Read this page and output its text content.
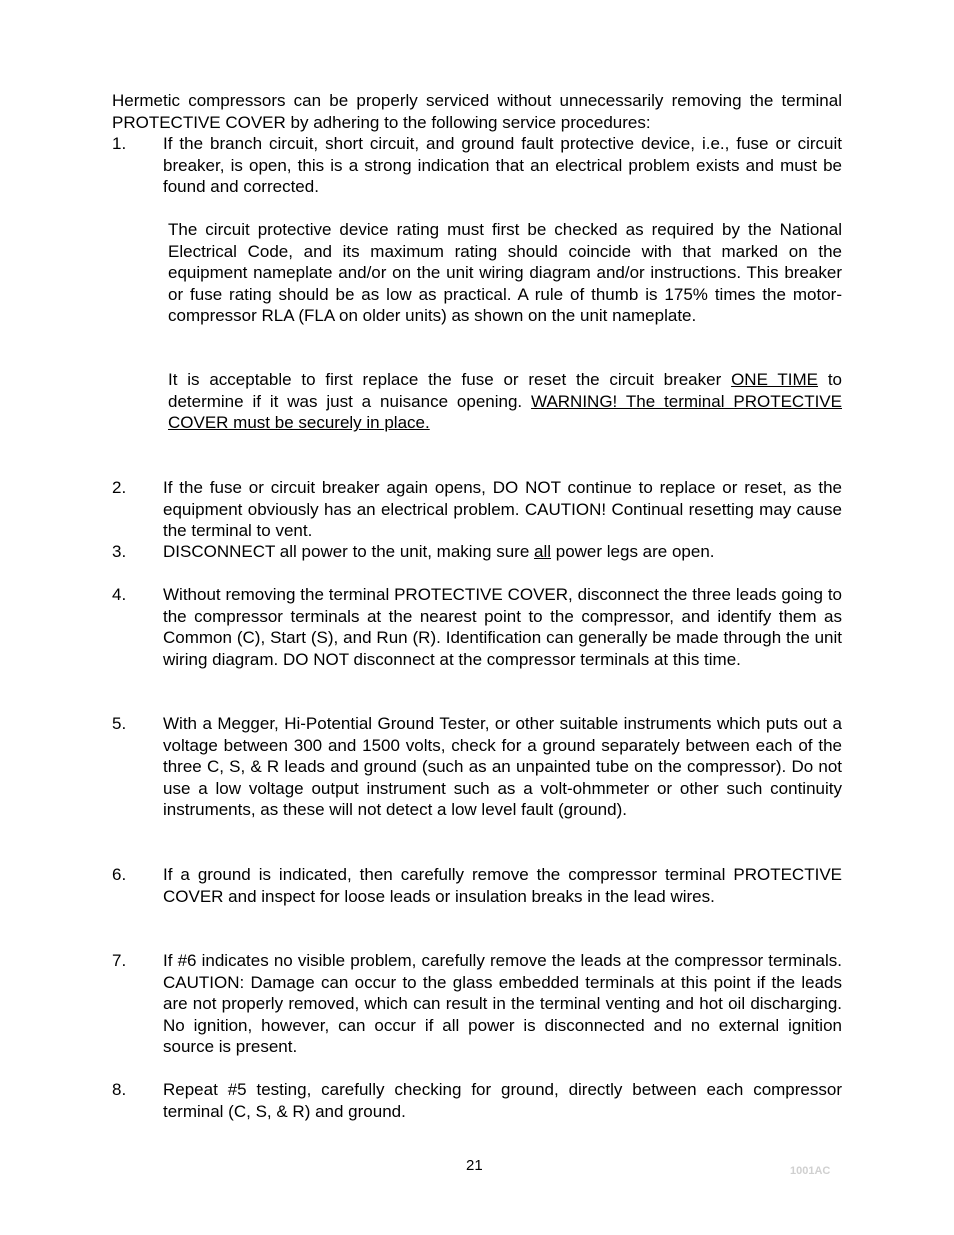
Hermetic compressors can be properly serviced without unnecessarily removing the terminal PROTECTIVE COVER by adhering to the following service procedures:
1. If the branch circuit, short circuit, and ground fault protective device, i.e., fuse or circuit breaker, is open, this is a strong indication that an electrical problem exists and must be found and corrected.
The circuit protective device rating must first be checked as required by the National Electrical Code, and its maximum rating should coincide with that marked on the equipment nameplate and/or on the unit wiring diagram and/or instructions. This breaker or fuse rating should be as low as practical. A rule of thumb is 175% times the motor-compressor RLA (FLA on older units) as shown on the unit nameplate.
It is acceptable to first replace the fuse or reset the circuit breaker ONE TIME to determine if it was just a nuisance opening. WARNING! The terminal PROTECTIVE COVER must be securely in place.
2. If the fuse or circuit breaker again opens, DO NOT continue to replace or reset, as the equipment obviously has an electrical problem. CAUTION! Continual resetting may cause the terminal to vent.
3. DISCONNECT all power to the unit, making sure all power legs are open.
4. Without removing the terminal PROTECTIVE COVER, disconnect the three leads going to the compressor terminals at the nearest point to the compressor, and identify them as Common (C), Start (S), and Run (R). Identification can generally be made through the unit wiring diagram. DO NOT disconnect at the compressor terminals at this time.
5. With a Megger, Hi-Potential Ground Tester, or other suitable instruments which puts out a voltage between 300 and 1500 volts, check for a ground separately between each of the three C, S, & R leads and ground (such as an unpainted tube on the compressor). Do not use a low voltage output instrument such as a volt-ohmmeter or other such continuity instruments, as these will not detect a low level fault (ground).
6. If a ground is indicated, then carefully remove the compressor terminal PROTECTIVE COVER and inspect for loose leads or insulation breaks in the lead wires.
7. If #6 indicates no visible problem, carefully remove the leads at the compressor terminals. CAUTION: Damage can occur to the glass embedded terminals at this point if the leads are not properly removed, which can result in the terminal venting and hot oil discharging. No ignition, however, can occur if all power is disconnected and no external ignition source is present.
8. Repeat #5 testing, carefully checking for ground, directly between each compressor terminal (C, S, & R) and ground.
21	1001AC
